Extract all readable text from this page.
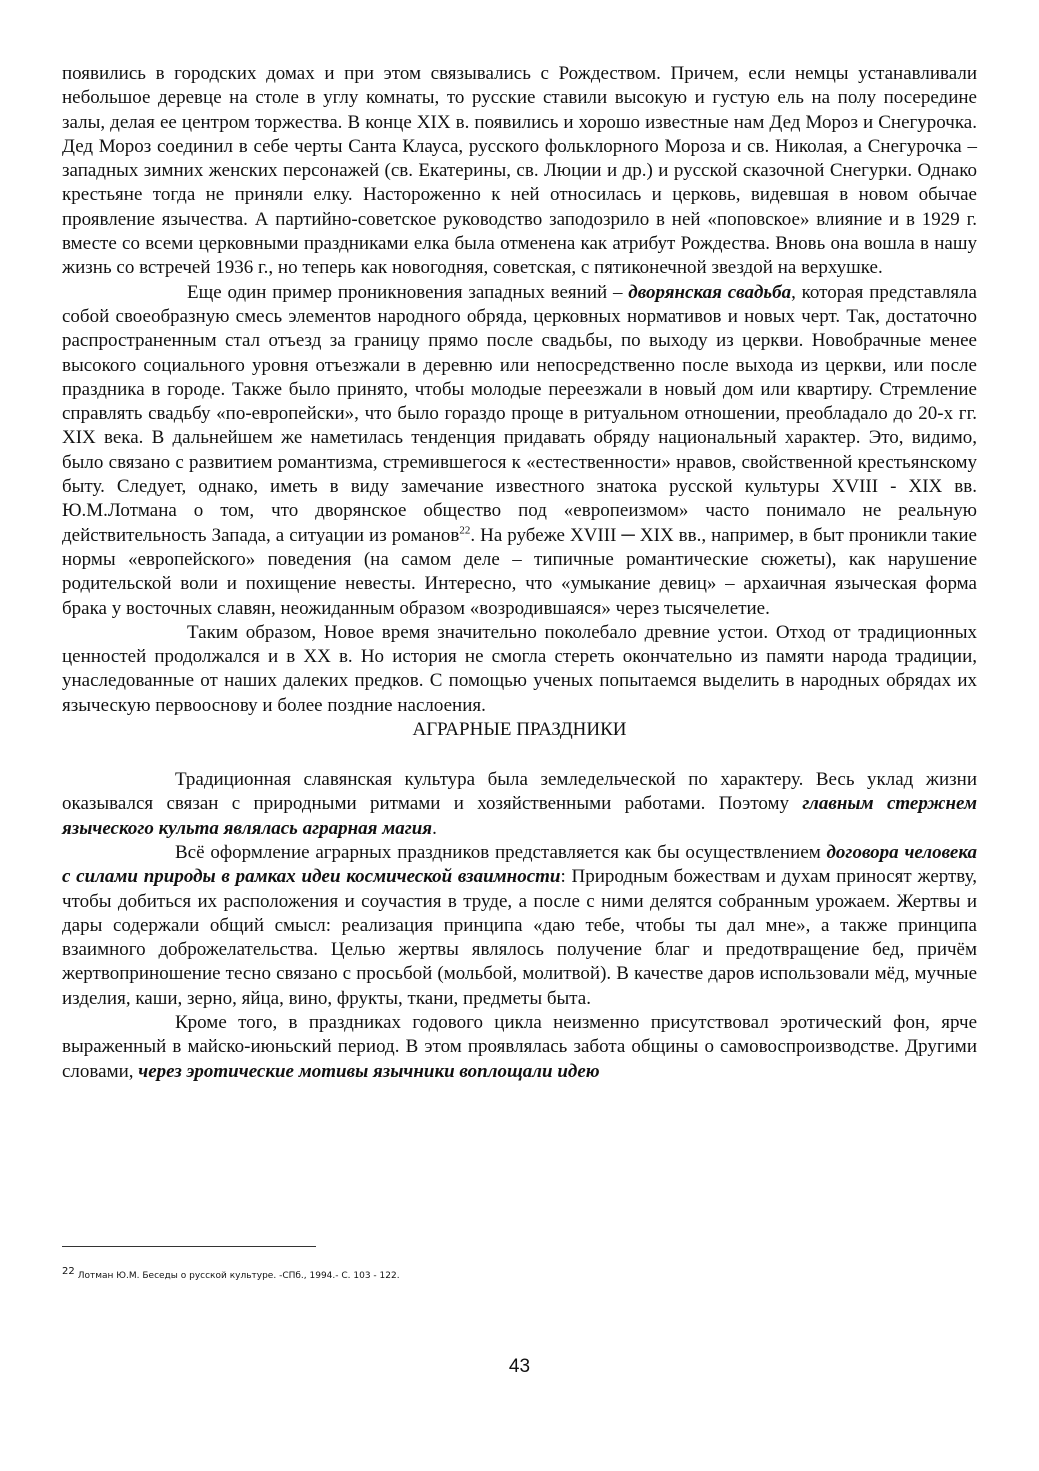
появились в городских домах и при этом связывались с Рождеством. Причем, если немцы устанавливали небольшое деревце на столе в углу комнаты, то русские ставили высокую и густую ель на полу посередине залы, делая ее центром торжества. В конце XIX в. появились и хорошо известные нам Дед Мороз и Снегурочка. Дед Мороз соединил в себе черты Санта Клауса, русского фольклорного Мороза и св. Николая, а Снегурочка – западных зимних женских персонажей (св. Екатерины, св. Люции и др.) и русской сказочной Снегурки. Однако крестьяне тогда не приняли елку. Настороженно к ней относилась и церковь, видевшая в новом обычае проявление язычества. А партийно-советское руководство заподозрило в ней «поповское» влияние и в 1929 г. вместе со всеми церковными праздниками елка была отменена как атрибут Рождества. Вновь она вошла в нашу жизнь со встречей 1936 г., но теперь как новогодняя, советская, с пятиконечной звездой на верхушке.

Еще один пример проникновения западных веяний – дворянская свадьба, которая представляла собой своеобразную смесь элементов народного обряда, церковных нормативов и новых черт. Так, достаточно распространенным стал отъезд за границу прямо после свадьбы, по выходу из церкви. Новобрачные менее высокого социального уровня отъезжали в деревню или непосредственно после выхода из церкви, или после праздника в городе. Также было принято, чтобы молодые переезжали в новый дом или квартиру. Стремление справлять свадьбу «по-европейски», что было гораздо проще в ритуальном отношении, преобладало до 20-х гг. XIX века. В дальнейшем же наметилась тенденция придавать обряду национальный характер. Это, видимо, было связано с развитием романтизма, стремившегося к «естественности» нравов, свойственной крестьянскому быту. Следует, однако, иметь в виду замечание известного знатока русской культуры XVIII - XIX вв. Ю.М.Лотмана о том, что дворянское общество под «европеизмом» часто понимало не реальную действительность Запада, а ситуации из романов$^{22}$. На рубеже XVIII ─ XIX вв., например, в быт проникли такие нормы «европейского» поведения (на самом деле – типичные романтические сюжеты), как нарушение родительской воли и похищение невесты. Интересно, что «умыкание девиц» – архаичная языческая форма брака у восточных славян, неожиданным образом «возродившаяся» через тысячелетие.

Таким образом, Новое время значительно поколебало древние устои. Отход от традиционных ценностей продолжался и в XX в. Но история не смогла стереть окончательно из памяти народа традиции, унаследованные от наших далеких предков. С помощью ученых попытаемся выделить в народных обрядах их языческую первооснову и более поздние наслоения.

АГРАРНЫЕ ПРАЗДНИКИ

Традиционная славянская культура была земледельческой по характеру. Весь уклад жизни оказывался связан с природными ритмами и хозяйственными работами. Поэтому главным стержнем языческого культа являлась аграрная магия.

Всё оформление аграрных праздников представляется как бы осуществлением договора человека с силами природы в рамках идеи космической взаимности: Природным божествам и духам приносят жертву, чтобы добиться их расположения и соучастия в труде, а после с ними делятся собранным урожаем. Жертвы и дары содержали общий смысл: реализация принципа «даю тебе, чтобы ты дал мне», а также принципа взаимного доброжелательства. Целью жертвы являлось получение благ и предотвращение бед, причём жертвоприношение тесно связано с просьбой (мольбой, молитвой). В качестве даров использовали мёд, мучные изделия, каши, зерно, яйца, вино, фрукты, ткани, предметы быта.

Кроме того, в праздниках годового цикла неизменно присутствовал эротический фон, ярче выраженный в майско-июньский период. В этом проявлялась забота общины о самовоспроизводстве. Другими словами, через эротические мотивы язычники воплощали идею

22 Лотман Ю.М. Беседы о русской культуре. -СПб., 1994.- С. 103 - 122.
43
